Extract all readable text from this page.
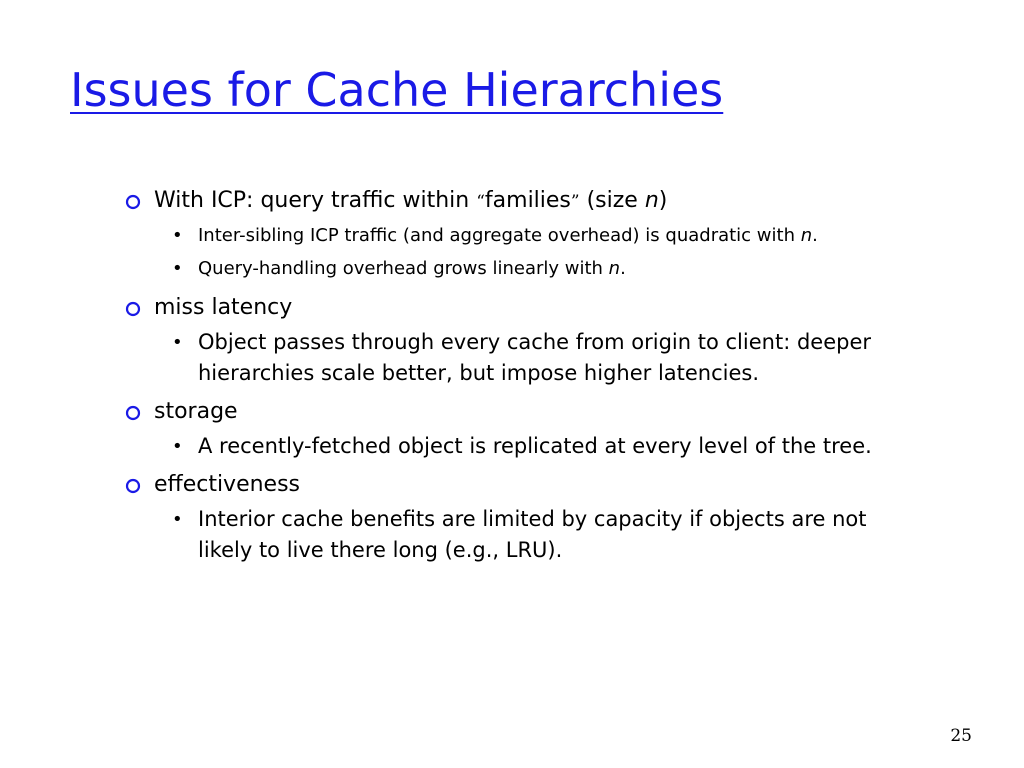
Issues for Cache Hierarchies
With ICP: query traffic within “families” (size n)
• Inter-sibling ICP traffic (and aggregate overhead) is quadratic with n.
• Query-handling overhead grows linearly with n.
miss latency
• Object passes through every cache from origin to client: deeper hierarchies scale better, but impose higher latencies.
storage
• A recently-fetched object is replicated at every level of the tree.
effectiveness
• Interior cache benefits are limited by capacity if objects are not likely to live there long (e.g., LRU).
25
